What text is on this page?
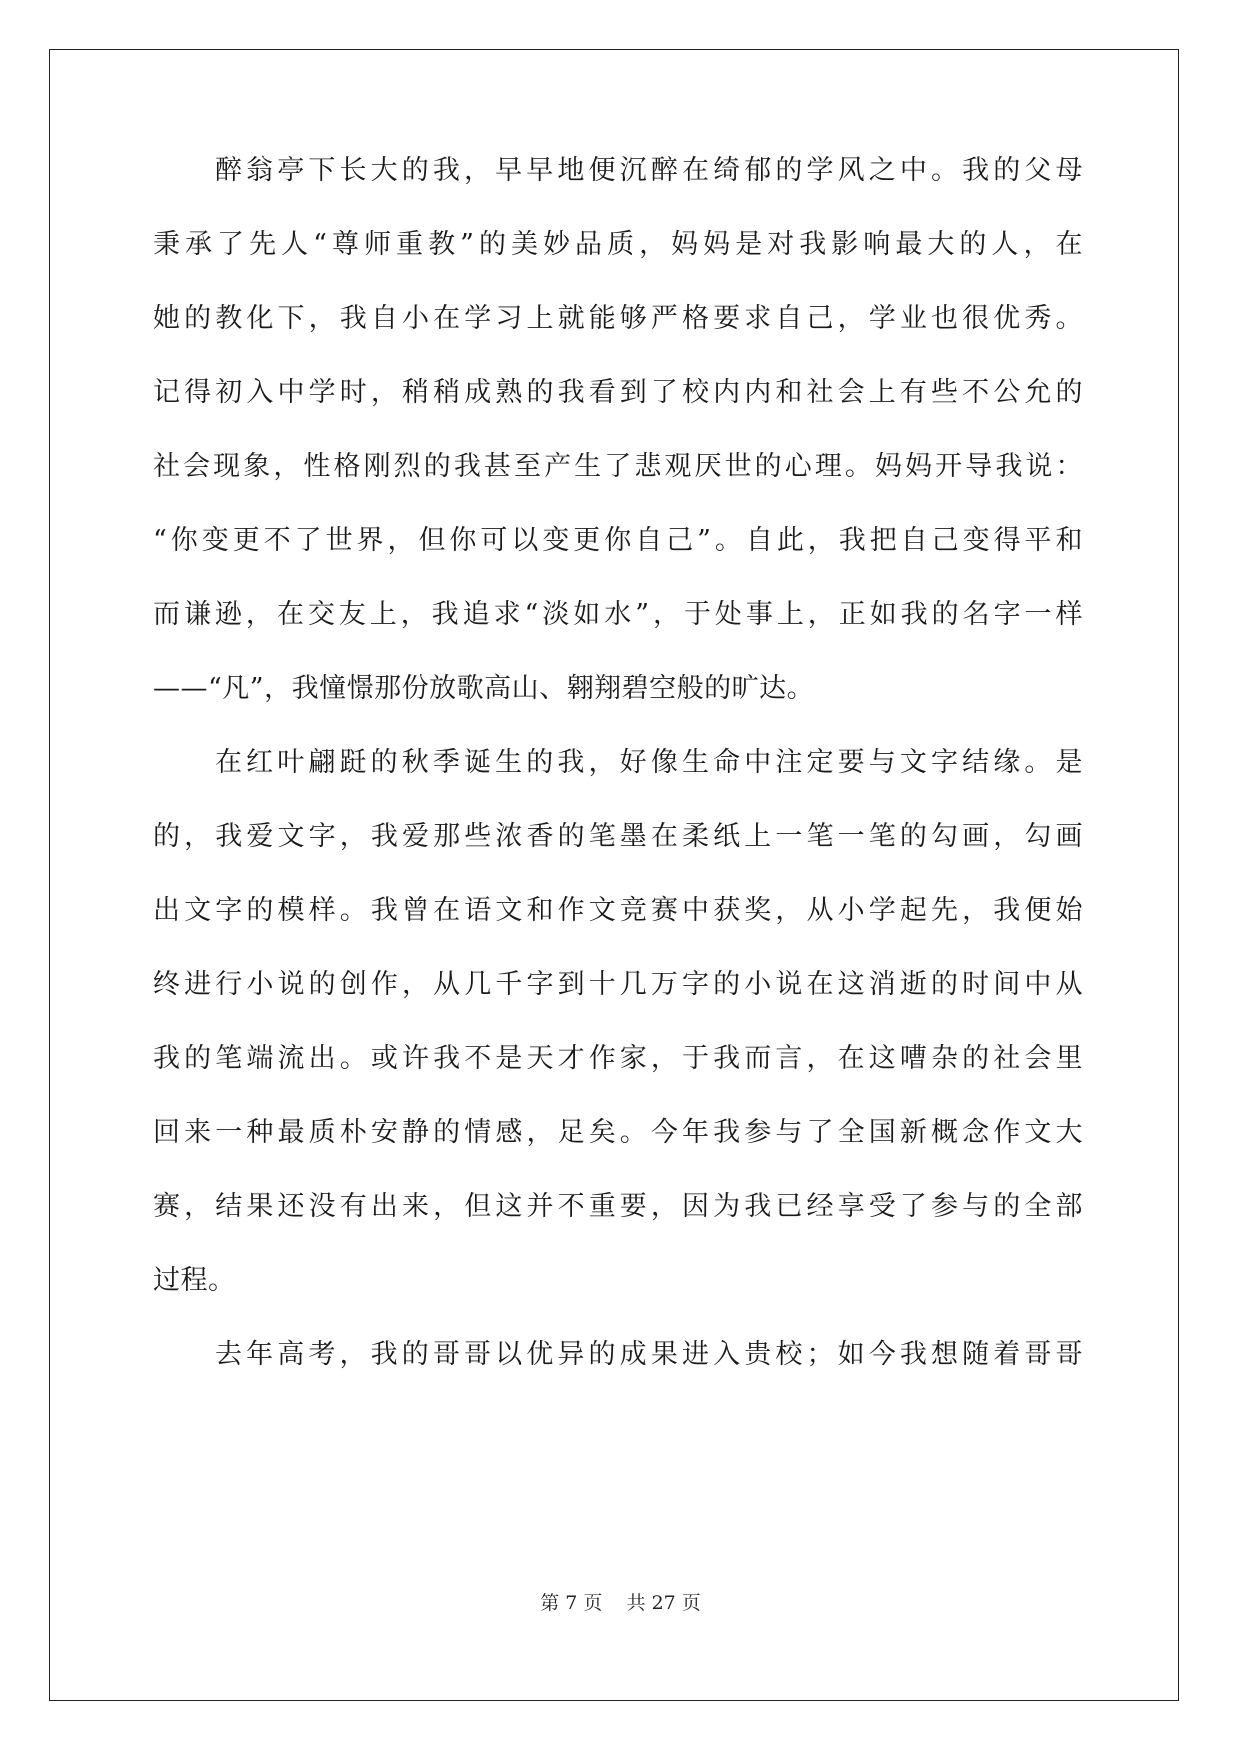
醉翁亭下长大的我，早早地便沉醉在绮郁的学风之中。我的父母
秉承了先人“尊师重教”的美妙品质，妈妈是对我影响最大的人，在
她的教化下，我自小在学习上就能够严格要求自己，学业也很优秀。
记得初入中学时，稍稍成熟的我看到了校内内和社会上有些不公允的
社会现象，性格刚烈的我甚至产生了悲观厌世的心理。妈妈开导我说：
“你变更不了世界，但你可以变更你自己”。自此，我把自己变得平和
而谦逊，在交友上，我追求“淡如水”，于处事上，正如我的名字一样
——“凡”，我憧憬那份放歌高山、翱翔碧空般的旷达。
在红叶翩跹的秋季诞生的我，好像生命中注定要与文字结缘。是
的，我爱文字，我爱那些浓香的笔墨在柔纸上一笔一笔的勾画，勾画
出文字的模样。我曾在语文和作文竞赛中获奖，从小学起先，我便始
终进行小说的创作，从几千字到十几万字的小说在这消逝的时间中从
我的笔端流出。或许我不是天才作家，于我而言，在这嘈杂的社会里
回来一种最质朴安静的情感，足矣。今年我参与了全国新概念作文大
赛，结果还没有出来，但这并不重要，因为我已经享受了参与的全部
过程。
去年高考，我的哥哥以优异的成果进入贵校；如今我想随着哥哥
第 7 页    共 27 页
